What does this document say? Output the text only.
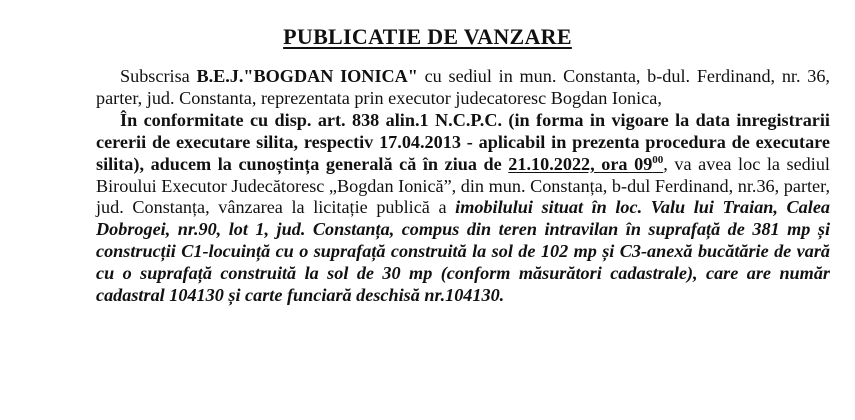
PUBLICATIE DE VANZARE

Subscrisa B.E.J."BOGDAN IONICA" cu sediul in mun. Constanta, b-dul. Ferdinand, nr. 36, parter, jud. Constanta, reprezentata prin executor judecatoresc Bogdan Ionica,

În conformitate cu disp. art. 838 alin.1 N.C.P.C. (in forma in vigoare la data inregistrarii cererii de executare silita, respectiv 17.04.2013 - aplicabil in prezenta procedura de executare silita), aducem la cunoștința generală că în ziua de 21.10.2022, ora $09^{00}$, va avea loc la sediul Biroului Executor Judecătoresc „Bogdan Ionică”, din mun. Constanța, b-dul Ferdinand, nr.36, parter, jud. Constanța, vânzarea la licitație publică a imobilului situat în loc. Valu lui Traian, Calea Dobrogei, nr.90, lot 1, jud. Constanța, compus din teren intravilan în suprafață de 381 mp și construcții C1-locuință cu o suprafață construită la sol de 102 mp și C3-anexă bucătărie de vară cu o suprafață construită la sol de 30 mp (conform măsurători cadastrale), care are număr cadastral 104130 și carte funciară deschisă nr.104130.
